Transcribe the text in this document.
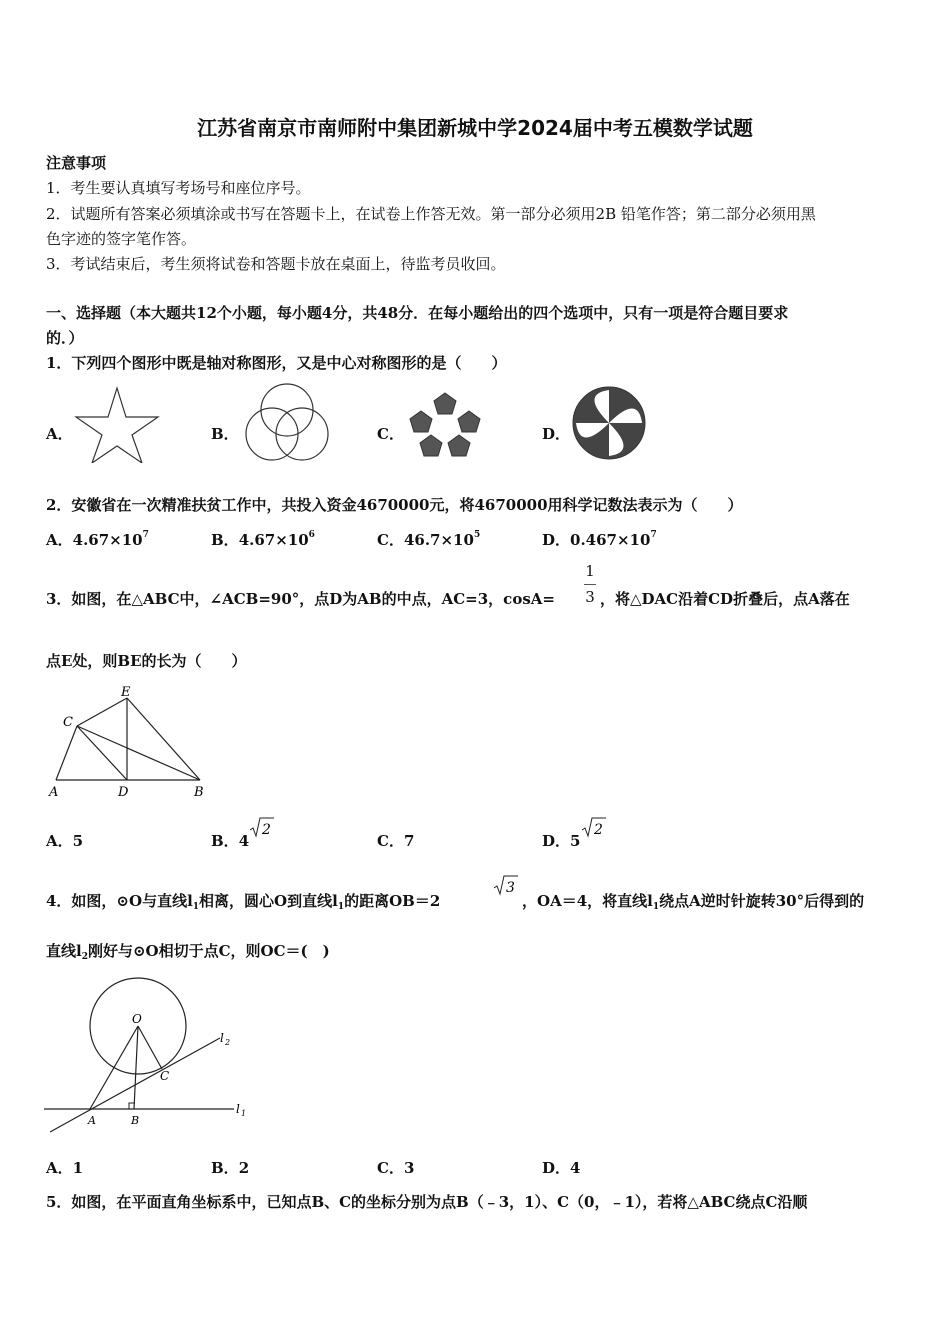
江苏省南京市南师附中集团新城中学2024届中考五模数学试题
注意事项
1．考生要认真填写考场号和座位序号。
2．试题所有答案必须填涂或书写在答题卡上，在试卷上作答无效。第一部分必须用2B 铅笔作答；第二部分必须用黑
色字迹的签字笔作答。
3．考试结束后，考生须将试卷和答题卡放在桌面上，待监考员收回。
一、选择题（本大题共12个小题，每小题4分，共48分．在每小题给出的四个选项中，只有一项是符合题目要求
的．）
1．下列四个图形中既是轴对称图形，又是中心对称图形的是（　　）
A．	B．	C．	D．
2．安徽省在一次精准扶贫工作中，共投入资金4670000元，将4670000用科学记数法表示为（　　）
A．$4.67\times 10^7$	B．$4.67\times 10^6$	C．$46.7\times 10^5$	D．$0.467\times 10^7$
3．如图，在△ABC中，∠ACB=90°，点D为AB的中点，AC=3，cosA=
1
3 ，将△DAC沿着CD折叠后，点A落在
点E处，则BE的长为（　　）
A	D	B
C
E
A．5	B．4
2
C．7	D．5
2
4．如图，⊙O与直线$l_1$相离，圆心O到直线$l_1$的距离OB＝2
3
，OA＝4，将直线$l_1$绕点A逆时针旋转30°后得到的
直线$l_2$刚好与⊙O相切于点C，则OC＝(　)
O
C
A	B
l 1
l 2
A．1	B．2	C．3	D．4
5．如图，在平面直角坐标系中，已知点B、C的坐标分别为点B（﹣3，1）、C（0，﹣1），若将△ABC绕点C沿顺
